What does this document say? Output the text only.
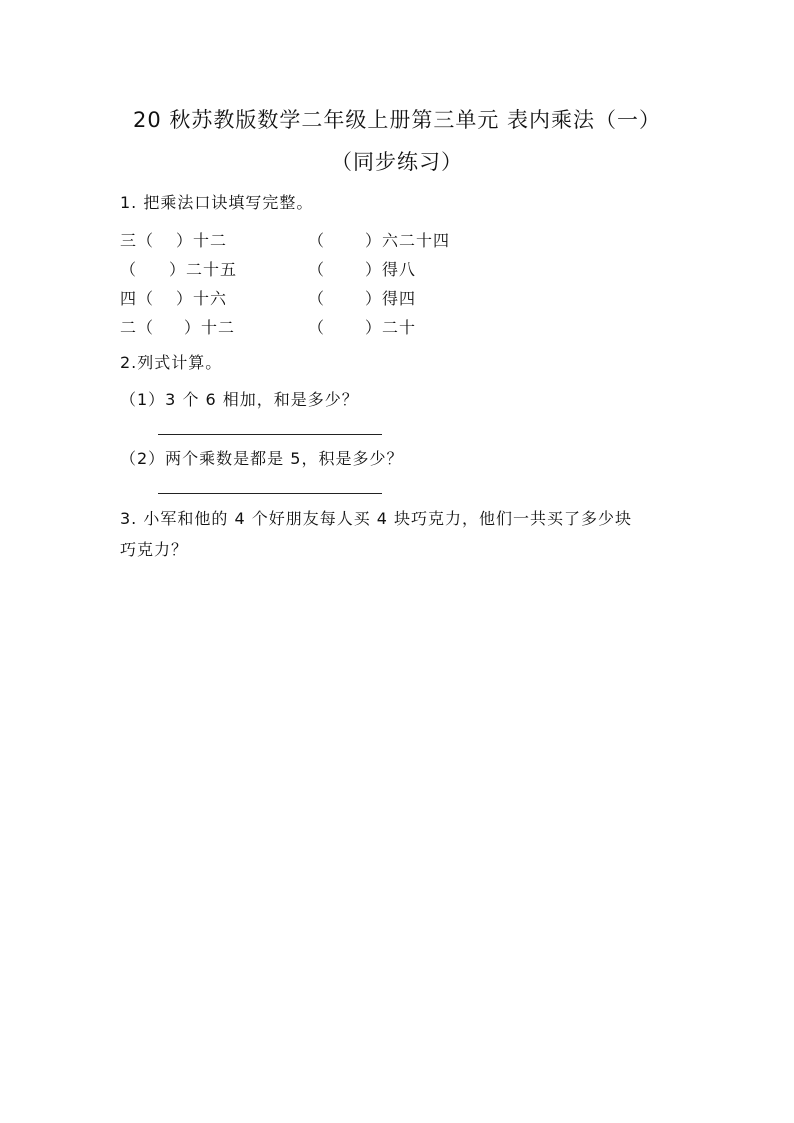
20 秋苏教版数学二年级上册第三单元 表内乘法（一）
（同步练习）
1. 把乘法口诀填写完整。
三（ ）十二	（	）六二十四
（ ）二十五	（	）得八
四（ ）十六	（	）得四
二（ ）十二	（	）二十
2.列式计算。
（1）3 个 6 相加，和是多少？
（2）两个乘数是都是 5，积是多少？
3. 小军和他的 4 个好朋友每人买 4 块巧克力，他们一共买了多少块
巧克力？
